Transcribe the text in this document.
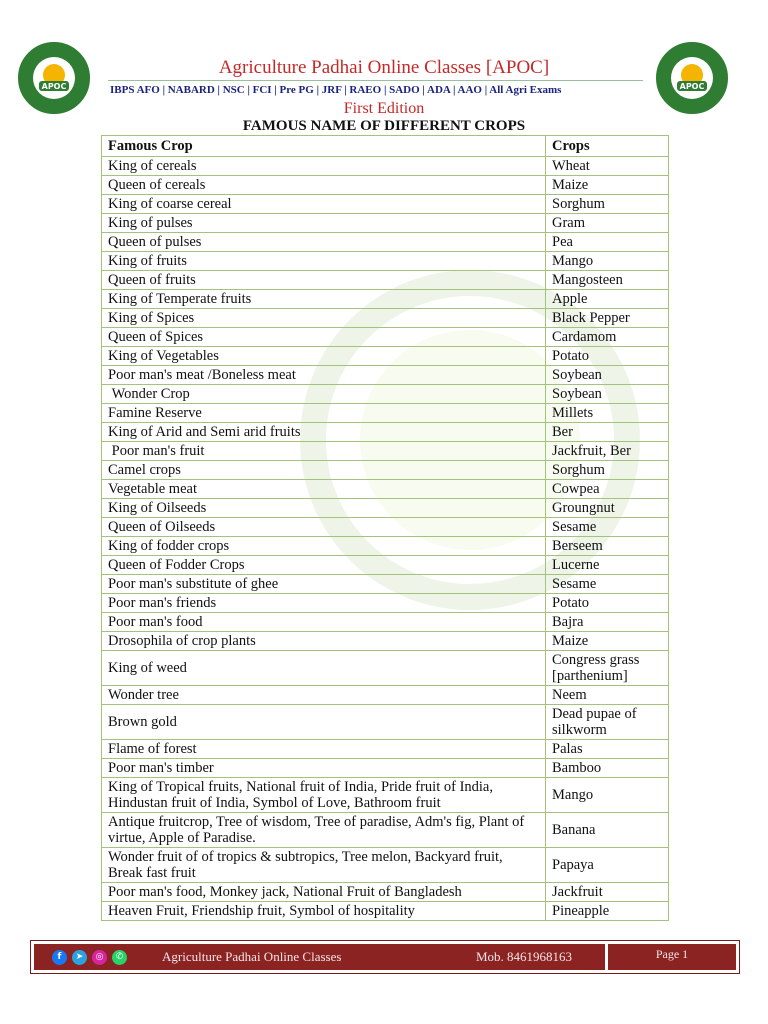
APOC	APOC
Agriculture Padhai Online Classes [APOC]
IBPS AFO | NABARD | NSC | FCI | Pre PG | JRF | RAEO | SADO | ADA | AAO | All Agri Exams
First Edition
FAMOUS NAME OF DIFFERENT CROPS
Famous Crop	Crops
King of cereals	Wheat
Queen of cereals	Maize
King of coarse cereal	Sorghum
King of pulses	Gram
Queen of pulses	Pea
King of fruits	Mango
Queen of fruits	Mangosteen
King of Temperate fruits	Apple
King of Spices	Black Pepper
Queen of Spices	Cardamom
King of Vegetables	Potato
Poor man's meat /Boneless meat	Soybean
Wonder Crop	Soybean
Famine Reserve	Millets
King of Arid and Semi arid fruits	Ber
Poor man's fruit	Jackfruit, Ber
Camel crops	Sorghum
Vegetable meat	Cowpea
King of Oilseeds	Groungnut
Queen of Oilseeds	Sesame
King of fodder crops	Berseem
Queen of Fodder Crops	Lucerne
Poor man's substitute of ghee	Sesame
Poor man's friends	Potato
Poor man's food	Bajra
Drosophila of crop plants	Maize
King of weed	Congress grass [parthenium]
Wonder tree	Neem
Brown gold	Dead pupae of silkworm
Flame of forest	Palas
Poor man's timber	Bamboo
King of Tropical fruits, National fruit of India, Pride fruit of India, Hindustan fruit of India, Symbol of Love, Bathroom fruit	Mango
Antique fruitcrop, Tree of wisdom, Tree of paradise, Adm's fig, Plant of virtue, Apple of Paradise.	Banana
Wonder fruit of of tropics & subtropics, Tree melon, Backyard fruit, Break fast fruit	Papaya
Poor man's food, Monkey jack, National Fruit of Bangladesh	Jackfruit
Heaven Fruit, Friendship fruit, Symbol of hospitality	Pineapple
f	➤	◎	✆	Agriculture Padhai Online Classes	Mob. 8461968163	Page 1
